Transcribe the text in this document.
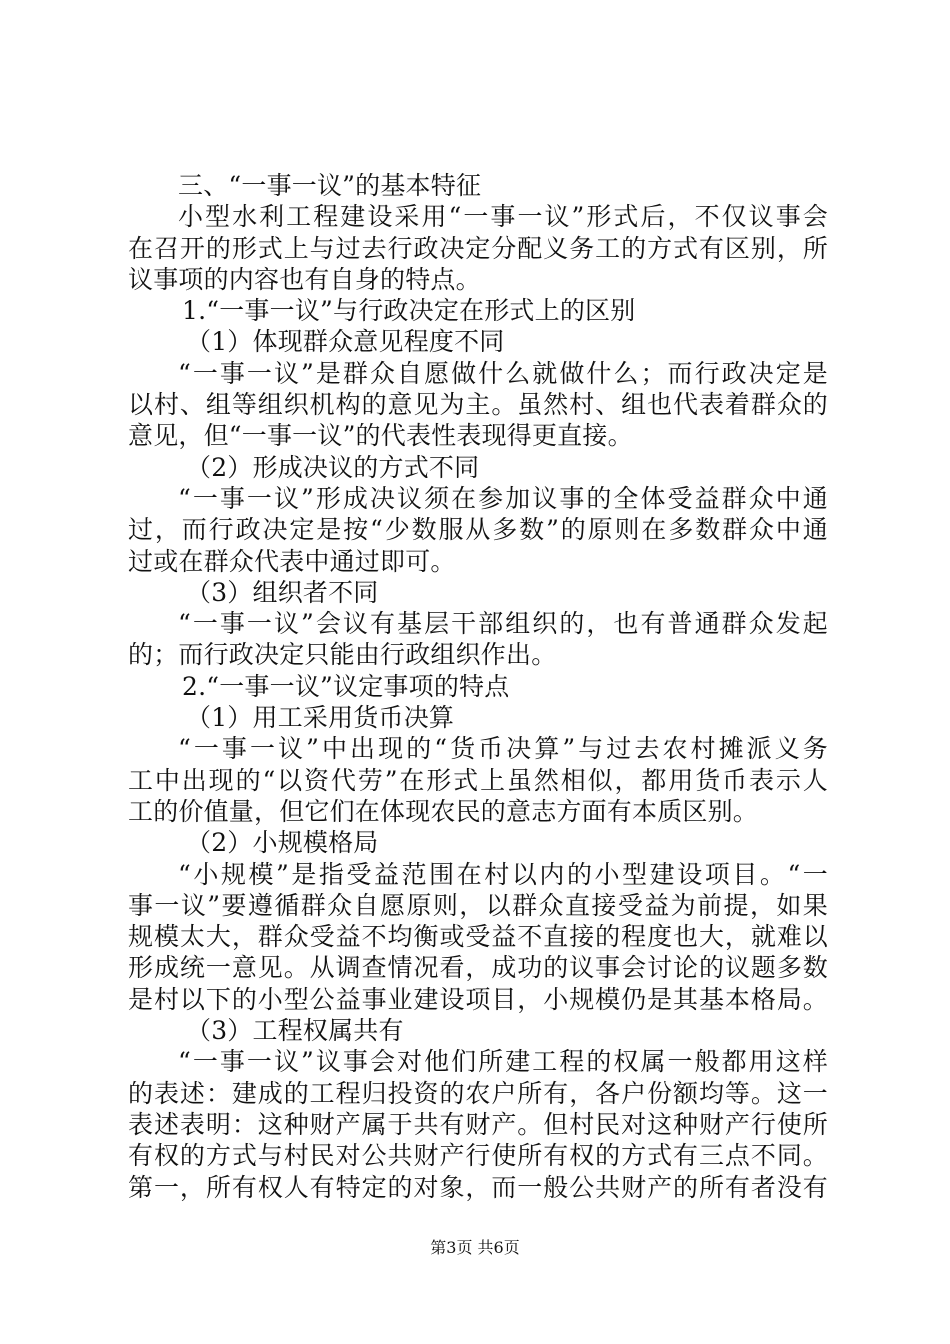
三、“一事一议”的基本特征
小型水利工程建设采用“一事一议”形式后，不仅议事会
在召开的形式上与过去行政决定分配义务工的方式有区别，所
议事项的内容也有自身的特点。
1.“一事一议”与行政决定在形式上的区别
（1）体现群众意见程度不同
“一事一议”是群众自愿做什么就做什么；而行政决定是
以村、组等组织机构的意见为主。虽然村、组也代表着群众的
意见，但“一事一议”的代表性表现得更直接。
（2）形成决议的方式不同
“一事一议”形成决议须在参加议事的全体受益群众中通
过，而行政决定是按“少数服从多数”的原则在多数群众中通
过或在群众代表中通过即可。
（3）组织者不同
“一事一议”会议有基层干部组织的，也有普通群众发起
的；而行政决定只能由行政组织作出。
2.“一事一议”议定事项的特点
（1）用工采用货币决算
“一事一议”中出现的“货币决算”与过去农村摊派义务
工中出现的“以资代劳”在形式上虽然相似，都用货币表示人
工的价值量，但它们在体现农民的意志方面有本质区别。
（2）小规模格局
“小规模”是指受益范围在村以内的小型建设项目。“一
事一议”要遵循群众自愿原则，以群众直接受益为前提，如果
规模太大，群众受益不均衡或受益不直接的程度也大，就难以
形成统一意见。从调查情况看，成功的议事会讨论的议题多数
是村以下的小型公益事业建设项目，小规模仍是其基本格局。
（3）工程权属共有
“一事一议”议事会对他们所建工程的权属一般都用这样
的表述：建成的工程归投资的农户所有，各户份额均等。这一
表述表明：这种财产属于共有财产。但村民对这种财产行使所
有权的方式与村民对公共财产行使所有权的方式有三点不同。
第一，所有权人有特定的对象，而一般公共财产的所有者没有
第3页 共6页
